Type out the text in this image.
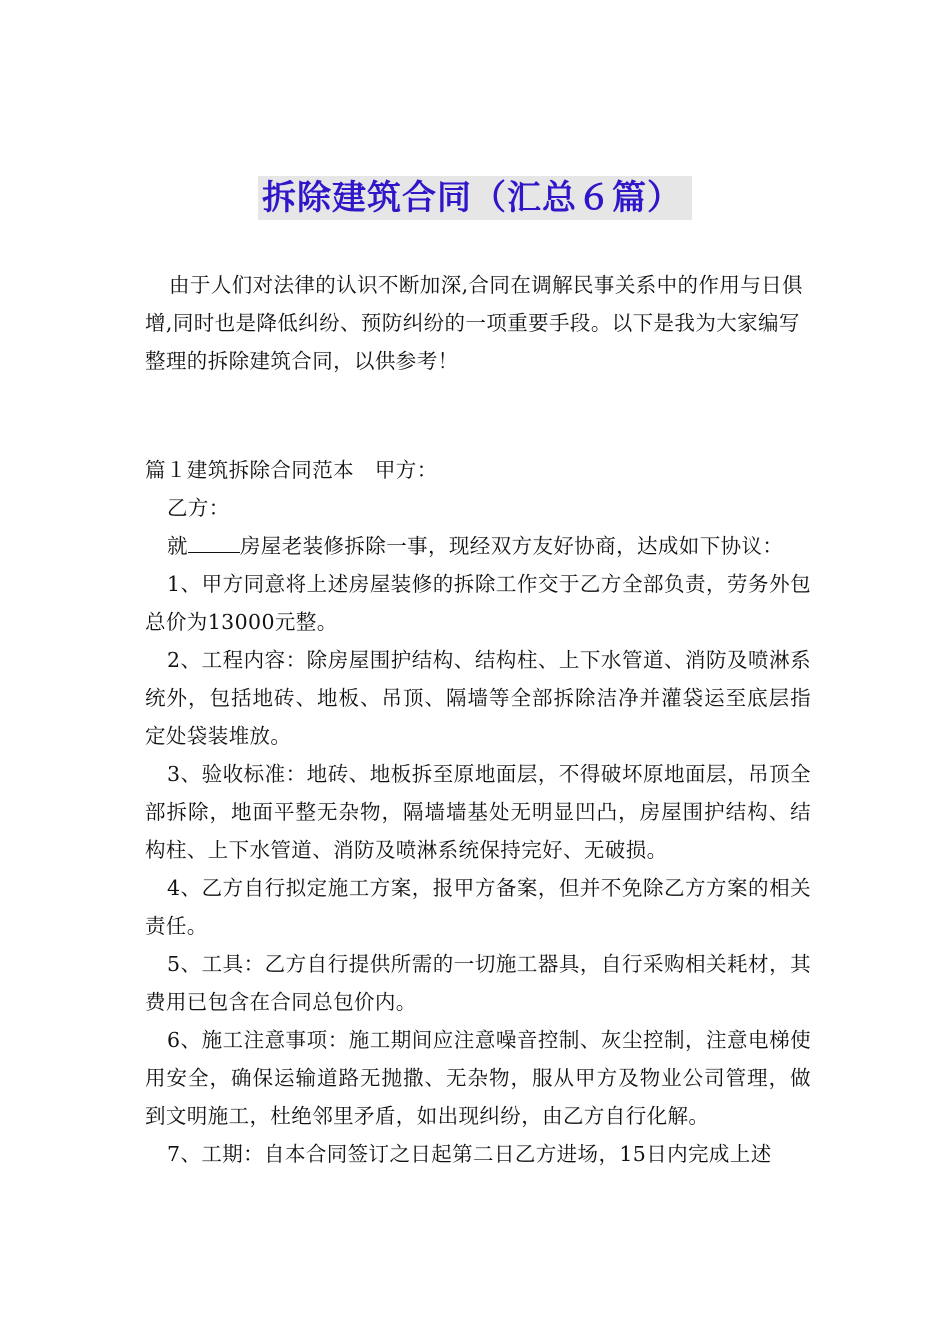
拆除建筑合同（汇总６篇）

由于人们对法律的认识不断加深,合同在调解民事关系中的作用与日俱增,同时也是降低纠纷、预防纠纷的一项重要手段。以下是我为大家编写整理的拆除建筑合同，以供参考！

篇１建筑拆除合同范本　甲方：

乙方：

就	房屋老装修拆除一事，现经双方友好协商，达成如下协议：

1、甲方同意将上述房屋装修的拆除工作交于乙方全部负责，劳务外包总价为13000元整。

2、工程内容：除房屋围护结构、结构柱、上下水管道、消防及喷淋系统外，包括地砖、地板、吊顶、隔墙等全部拆除洁净并灌袋运至底层指定处袋装堆放。

3、验收标准：地砖、地板拆至原地面层，不得破坏原地面层，吊顶全部拆除，地面平整无杂物，隔墙墙基处无明显凹凸，房屋围护结构、结构柱、上下水管道、消防及喷淋系统保持完好、无破损。

4、乙方自行拟定施工方案，报甲方备案，但并不免除乙方方案的相关责任。

5、工具：乙方自行提供所需的一切施工器具，自行采购相关耗材，其费用已包含在合同总包价内。

6、施工注意事项：施工期间应注意噪音控制、灰尘控制，注意电梯使用安全，确保运输道路无抛撒、无杂物，服从甲方及物业公司管理，做到文明施工，杜绝邻里矛盾，如出现纠纷，由乙方自行化解。

7、工期：自本合同签订之日起第二日乙方进场，15日内完成上述
